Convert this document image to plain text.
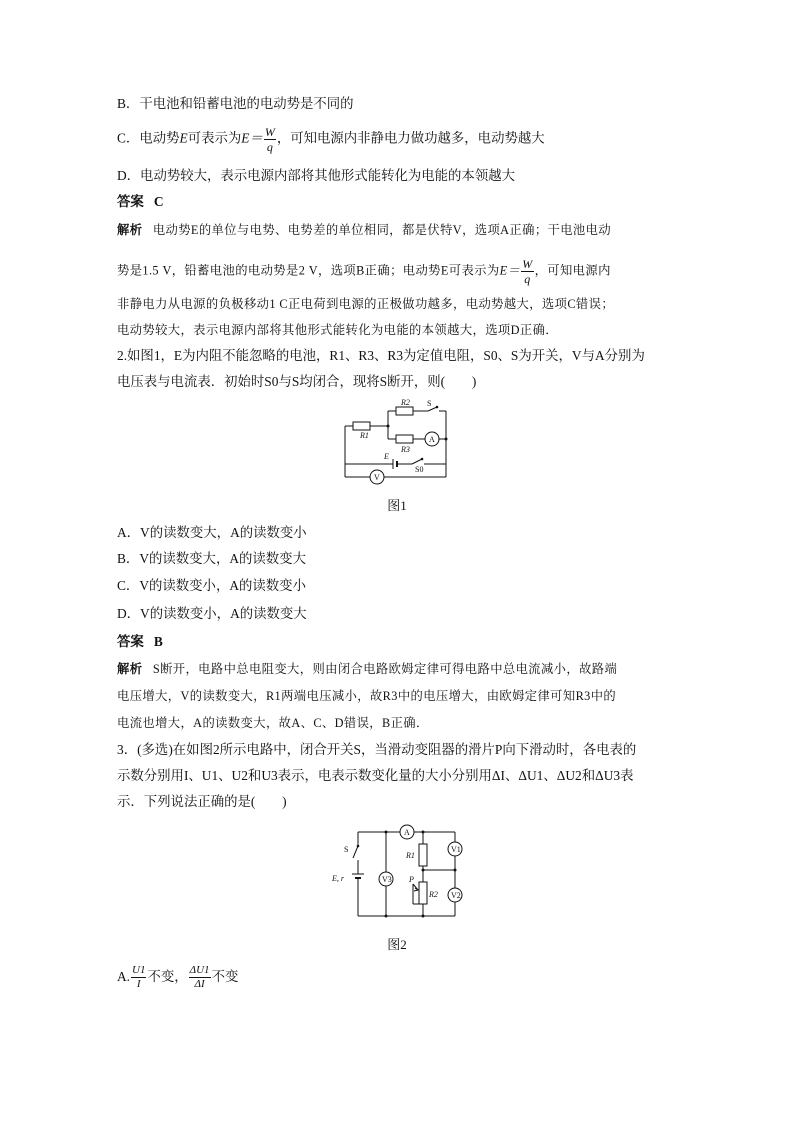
B．干电池和铅蓄电池的电动势是不同的
C．电动势E可表示为$E= \frac{W}{q}$ ，可知电源内非静电力做功越多，电动势越大
D．电动势较大，表示电源内部将其他形式能转化为电能的本领越大
答案 C
解析 电动势E的单位与电势、电势差的单位相同，都是伏特V，选项A正确；干电池电动
势是1.5 V，铅蓄电池的电动势是2 V，选项B正确；电动势E可表示为$E= \frac{W}{q}$ ，可知电源内
非静电力从电源的负极移动1 C正电荷到电源的正极做功越多，电动势越大，选项C错误；
电动势较大，表示电源内部将其他形式能转化为电能的本领越大，选项D正确．
2.如图1，E为内阻不能忽略的电池，R1、R3、R3为定值电阻，S0、S为开关，V与A分别为
电压表与电流表．初始时S0与S均闭合，现将S断开，则(　　)
R2
R1
R3
E
S
A
V
S0
图1
A．V的读数变大，A的读数变小
B．V的读数变大，A的读数变大
C．V的读数变小，A的读数变小
D．V的读数变小，A的读数变大
答案 B
解析 S断开，电路中总电阻变大，则由闭合电路欧姆定律可得电路中总电流减小，故路端
电压增大，V的读数变大，R1两端电压减小，故R3中的电压增大，由欧姆定律可知R3中的
电流也增大，A的读数变大，故A、C、D错误，B正确．
3．(多选)在如图2所示电路中，闭合开关S，当滑动变阻器的滑片P向下滑动时，各电表的
示数分别用I、U1、U2和U3表示，电表示数变化量的大小分别用ΔI、ΔU1、ΔU2和ΔU3表
示．下列说法正确的是(　　)
S
A
V1
V3
V2
R1
E, r	P
R2
图2
A. $\frac{U1}{I}$ 不变， $\frac{\Delta U1}{\Delta I}$ 不变
